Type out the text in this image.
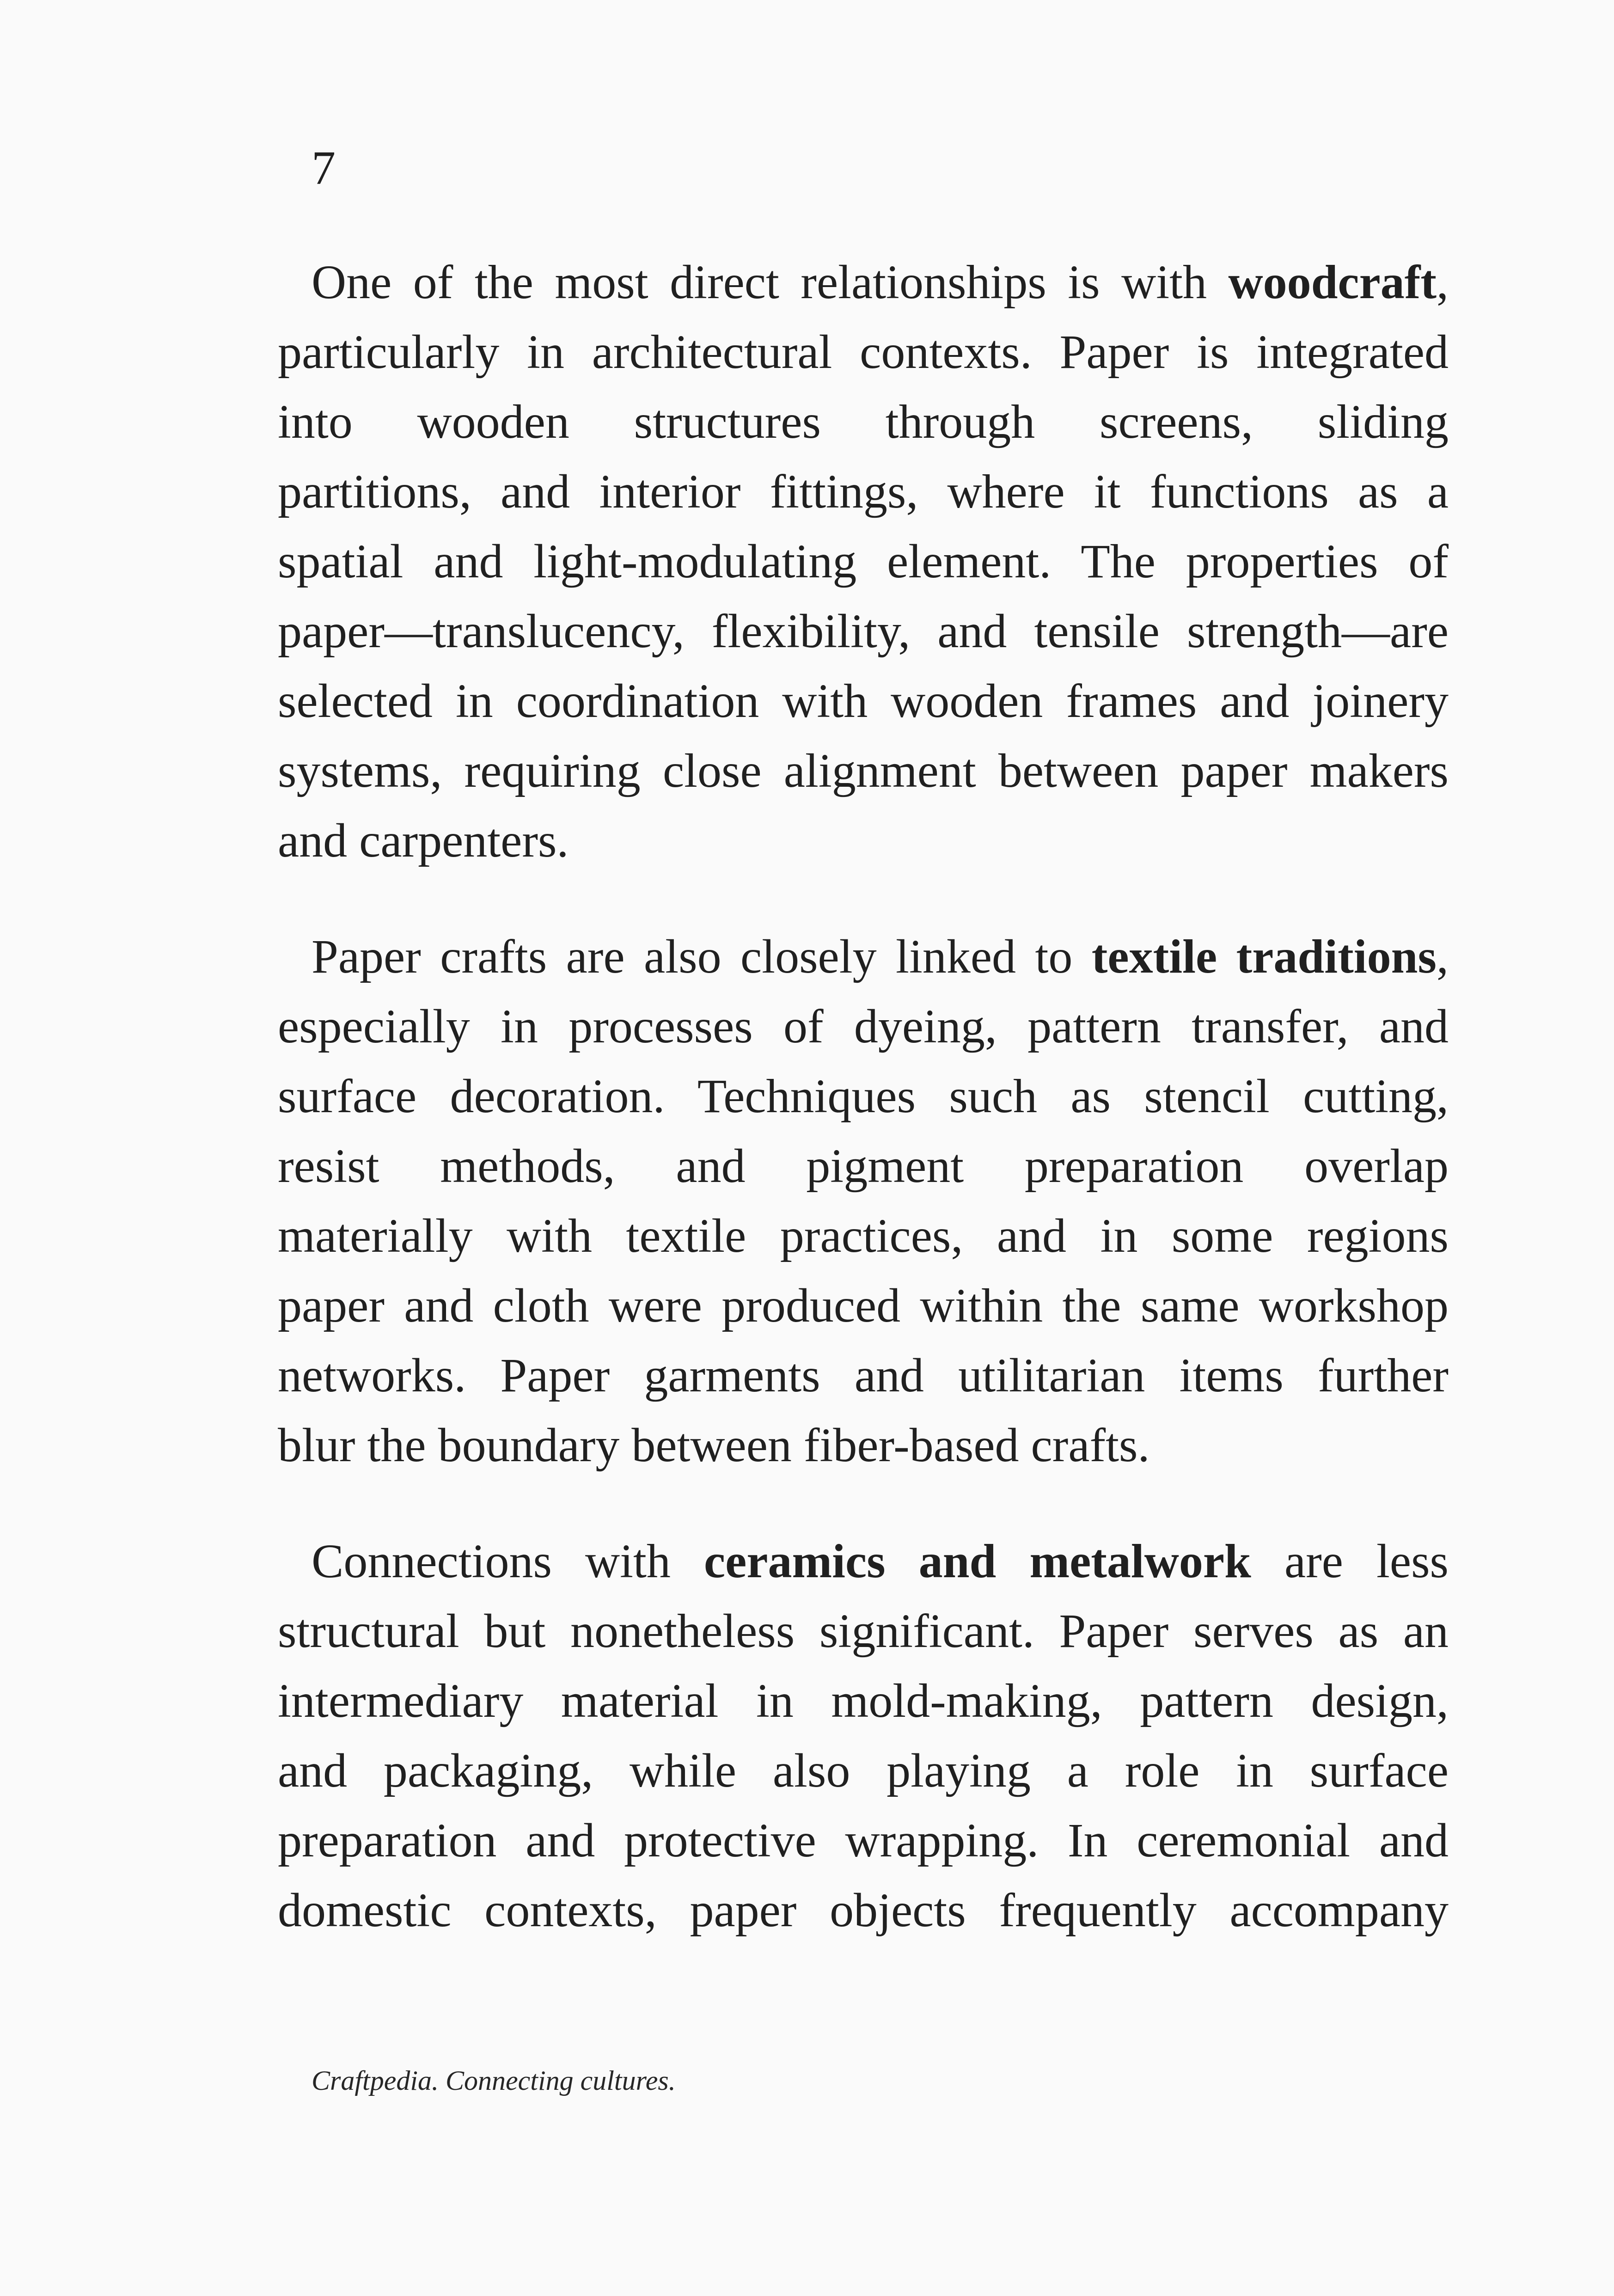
7
One of the most direct relationships is with woodcraft,
particularly in architectural contexts. Paper is integrated
into wooden structures through screens, sliding
partitions, and interior fittings, where it functions as a
spatial and light-modulating element. The properties of
paper—translucency, flexibility, and tensile strength—are
selected in coordination with wooden frames and joinery
systems, requiring close alignment between paper makers
and carpenters.
Paper crafts are also closely linked to textile traditions,
especially in processes of dyeing, pattern transfer, and
surface decoration. Techniques such as stencil cutting,
resist methods, and pigment preparation overlap
materially with textile practices, and in some regions
paper and cloth were produced within the same workshop
networks. Paper garments and utilitarian items further
blur the boundary between fiber-based crafts.
Connections with ceramics and metalwork are less
structural but nonetheless significant. Paper serves as an
intermediary material in mold-making, pattern design,
and packaging, while also playing a role in surface
preparation and protective wrapping. In ceremonial and
domestic contexts, paper objects frequently accompany
Craftpedia. Connecting cultures.
